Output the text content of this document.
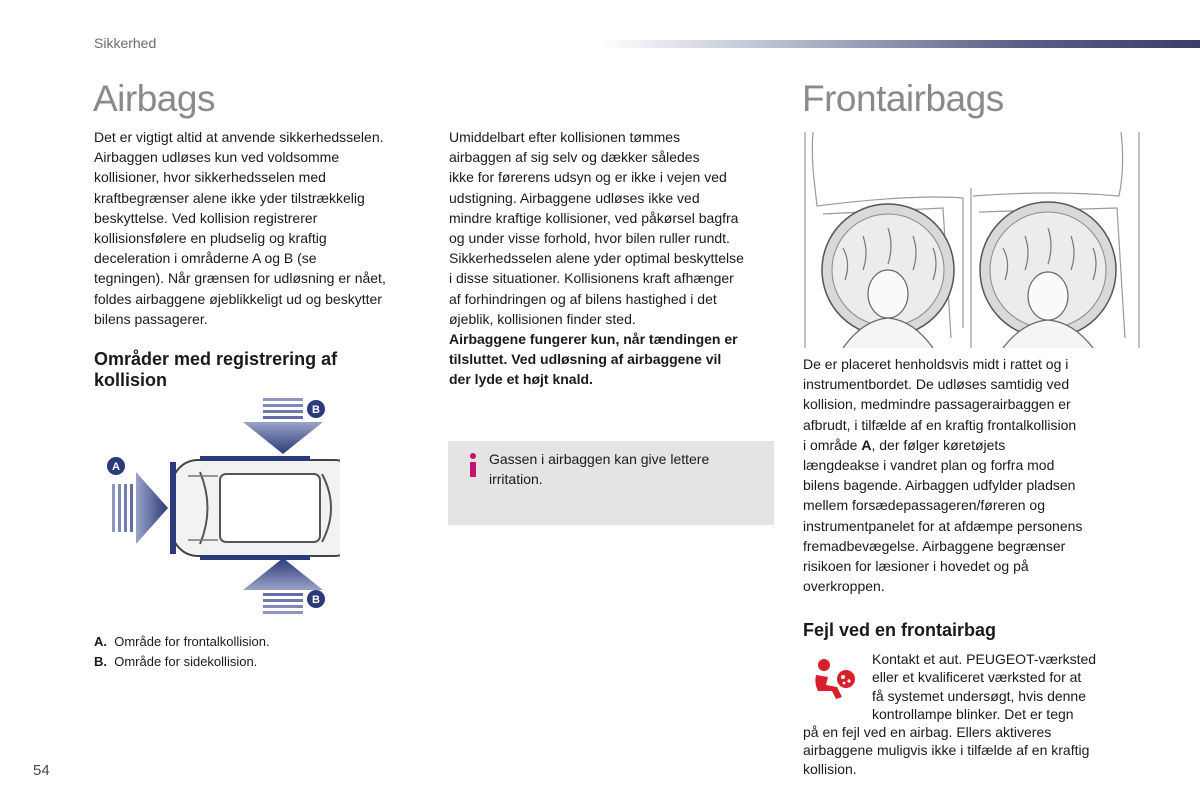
Sikkerhed
Airbags
Det er vigtigt altid at anvende sikkerhedsselen.
Airbaggen udløses kun ved voldsomme
kollisioner, hvor sikkerhedsselen med
kraftbegrænser alene ikke yder tilstrækkelig
beskyttelse. Ved kollision registrerer
kollisionsfølere en pludselig og kraftig
deceleration i områderne A og B (se
tegningen). Når grænsen for udløsning er nået,
foldes airbaggene øjeblikkeligt ud og beskytter
bilens passagerer.
Områder med registrering af
kollision
B
A
B
A. Område for frontalkollision.
B. Område for sidekollision.
Umiddelbart efter kollisionen tømmes
airbaggen af sig selv og dækker således
ikke for førerens udsyn og er ikke i vejen ved
udstigning. Airbaggene udløses ikke ved
mindre kraftige kollisioner, ved påkørsel bagfra
og under visse forhold, hvor bilen ruller rundt.
Sikkerhedsselen alene yder optimal beskyttelse
i disse situationer. Kollisionens kraft afhænger
af forhindringen og af bilens hastighed i det
øjeblik, kollisionen finder sted.
Airbaggene fungerer kun, når tændingen er
tilsluttet. Ved udløsning af airbaggene vil
der lyde et højt knald.
Gassen i airbaggen kan give lettere
irritation.
Frontairbags
De er placeret henholdsvis midt i rattet og i
instrumentbordet. De udløses samtidig ved
kollision, medmindre passagerairbaggen er
afbrudt, i tilfælde af en kraftig frontalkollision
i område A, der følger køretøjets
længdeakse i vandret plan og forfra mod
bilens bagende. Airbaggen udfylder pladsen
mellem forsædepassageren/føreren og
instrumentpanelet for at afdæmpe personens
fremadbevægelse. Airbaggene begrænser
risikoen for læsioner i hovedet og på
overkroppen.
Fejl ved en frontairbag
Kontakt et aut. PEUGEOT-værksted
eller et kvalificeret værksted for at
få systemet undersøgt, hvis denne
kontrollampe blinker. Det er tegn
på en fejl ved en airbag. Ellers aktiveres
airbaggene muligvis ikke i tilfælde af en kraftig
kollision.
54
